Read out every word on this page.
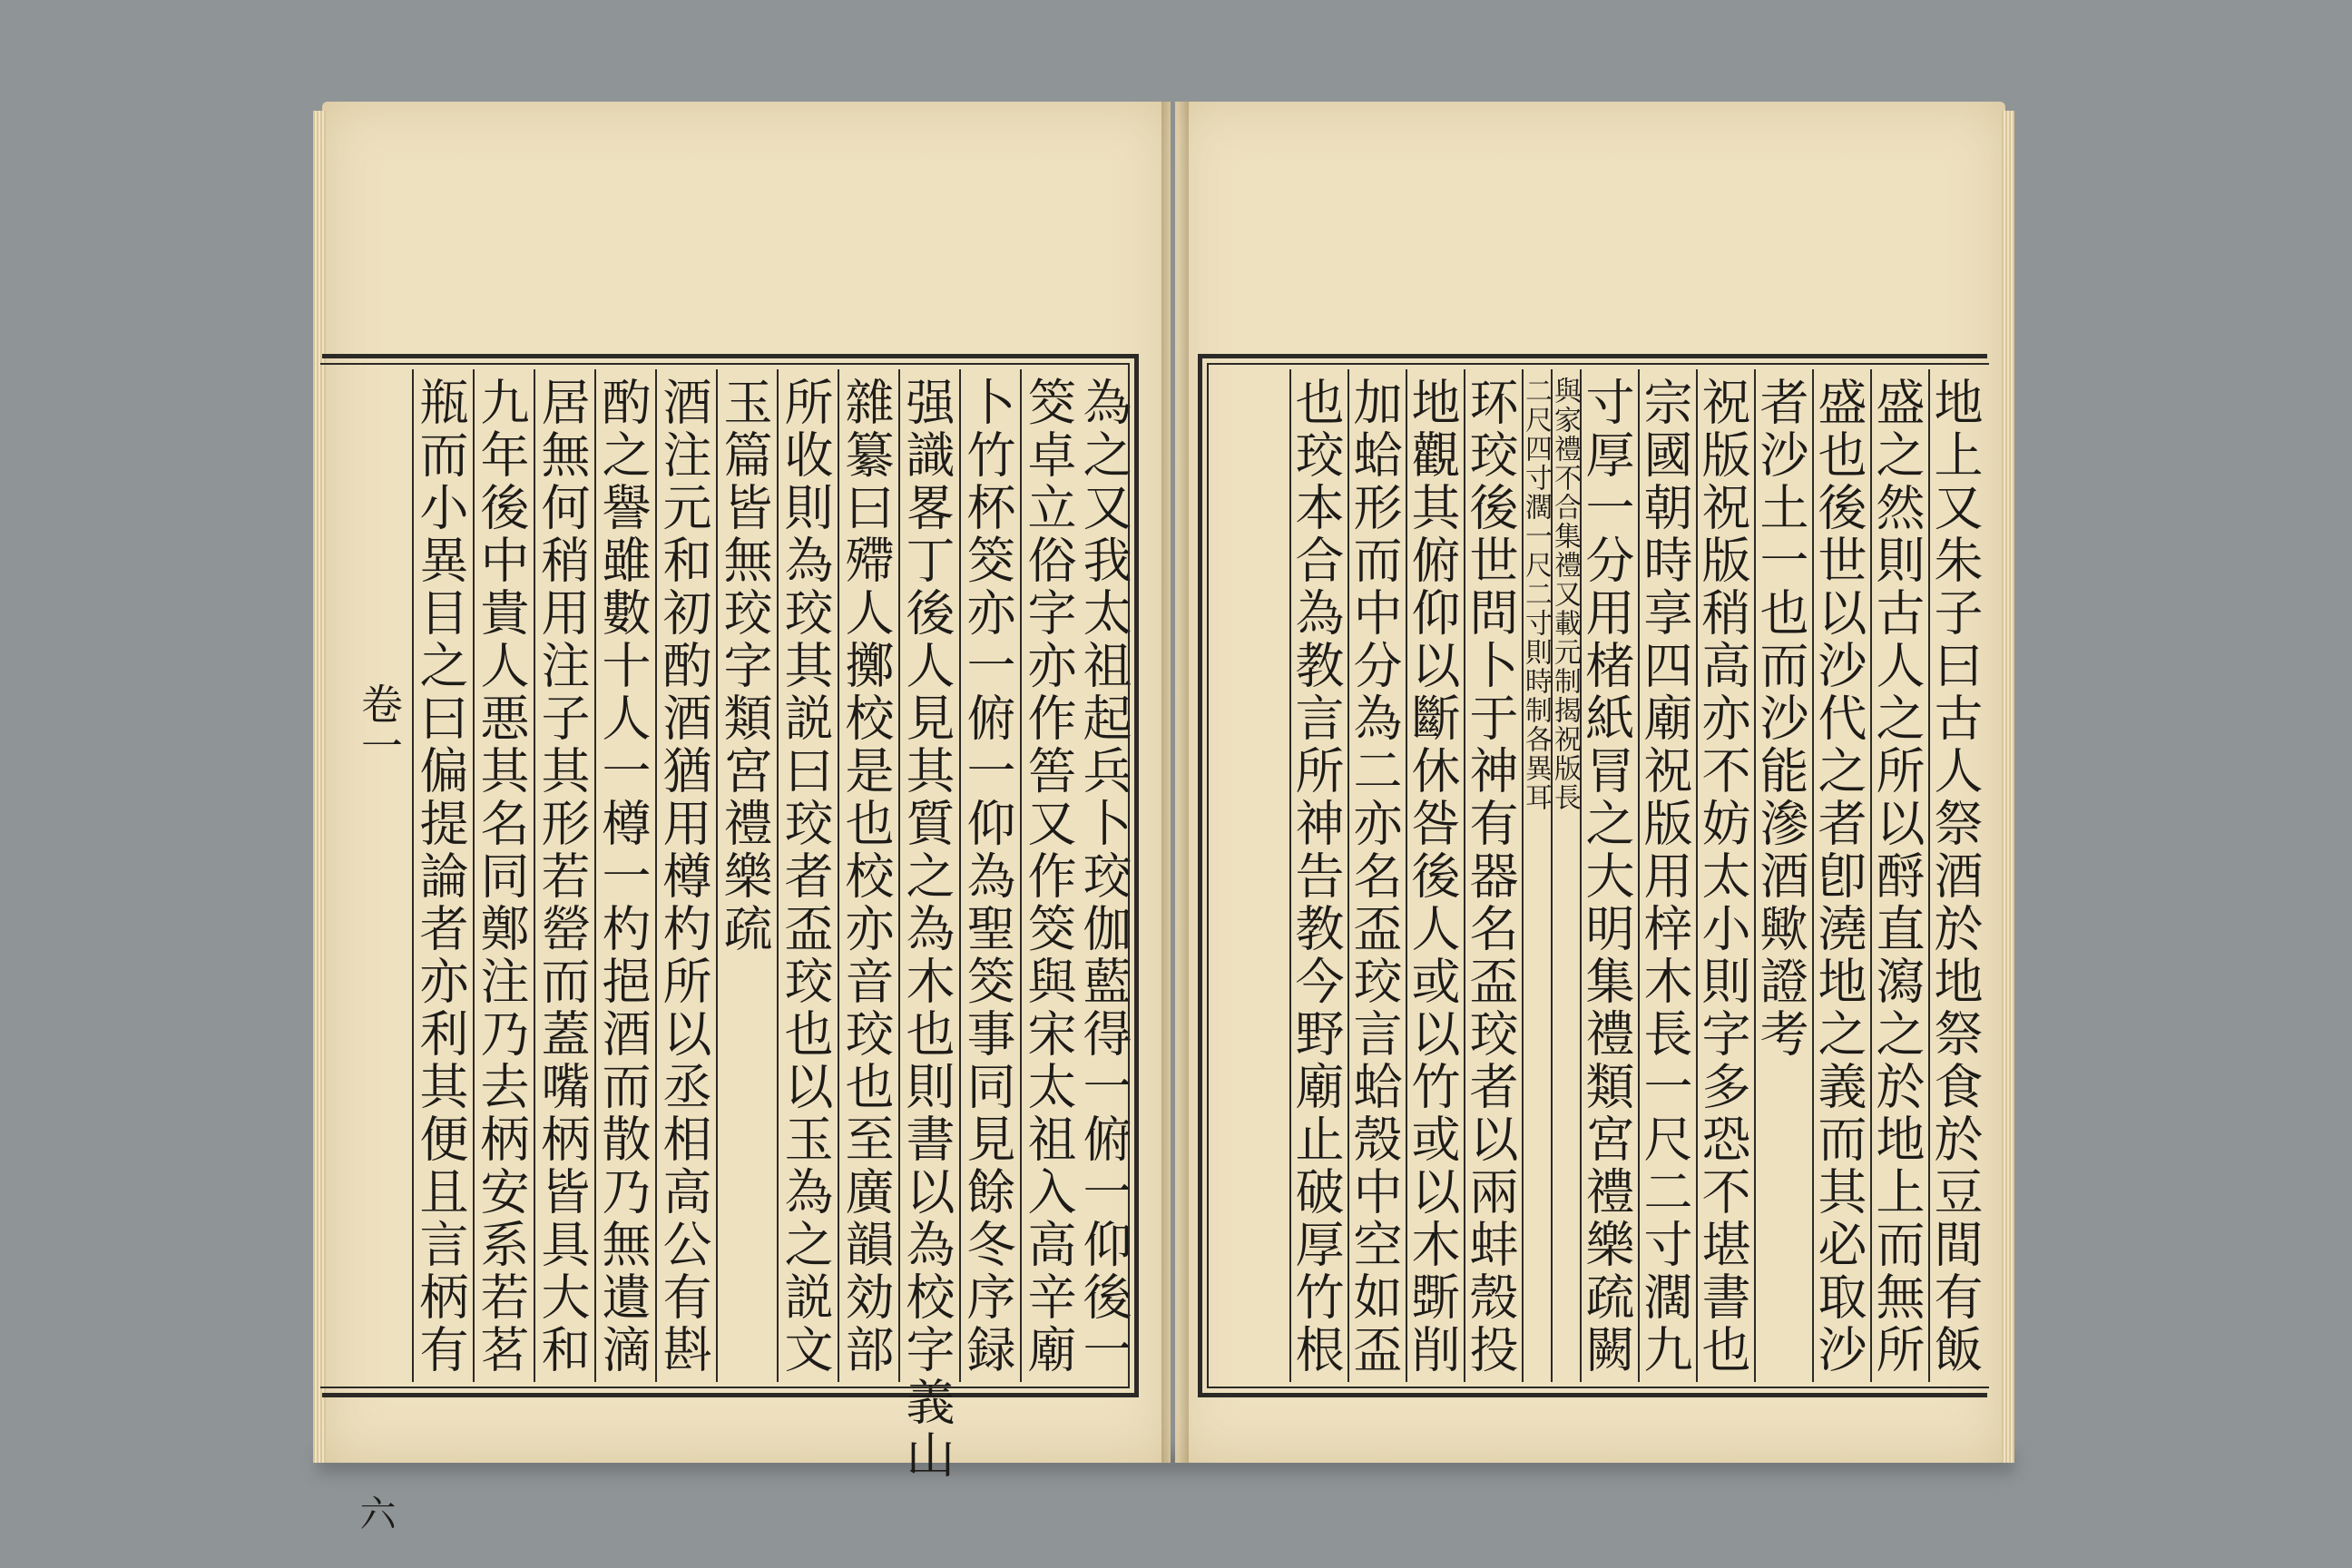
卷一
六
為之又我太祖起兵卜珓伽藍得一俯一仰後一
筊卓立俗字亦作筶又作筊與宋太祖入高辛廟
卜竹杯筊亦一俯一仰為聖筊事同見餘冬序録
强識畧丁後人見其質之為木也則書以為校字義山
雜纂曰殢人擲校是也校亦音珓也至廣韻効部
所收則為珓其説曰珓者盃珓也以玉為之説文
玉篇皆無珓字類宮禮樂疏
酒注元和初酌酒猶用樽杓所以丞相高公有斟
酌之譽雖數十人一樽一杓挹酒而散乃無遺滴
居無何稍用注子其形若罃而蓋嘴柄皆具大和
九年後中貴人悪其名同鄭注乃去柄安系若茗
瓶而小異目之曰偏提論者亦利其便且言柄有	地上又朱子曰古人祭酒於地祭食於豆間有飯
盛之然則古人之所以酹直瀉之於地上而無所
盛也後世以沙代之者卽澆地之義而其必取沙
者沙土一也而沙能滲酒歟證考
祝版祝版稍高亦不妨太小則字多恐不堪書也
宗國朝時享四廟祝版用梓木長一尺二寸濶九
寸厚一分用楮紙冐之大明集禮類宮禮樂疏闕
與家禮不合集禮又載元制揭祝版長
二尺四寸濶一尺二寸則時制各異耳
环珓後世問卜于神有器名盃珓者以兩蚌殼投
地觀其俯仰以斷休咎後人或以竹或以木斲削
加蛤形而中分為二亦名盃珓言蛤殼中空如盃
也珓本合為教言所神告教今野廟止破厚竹根
